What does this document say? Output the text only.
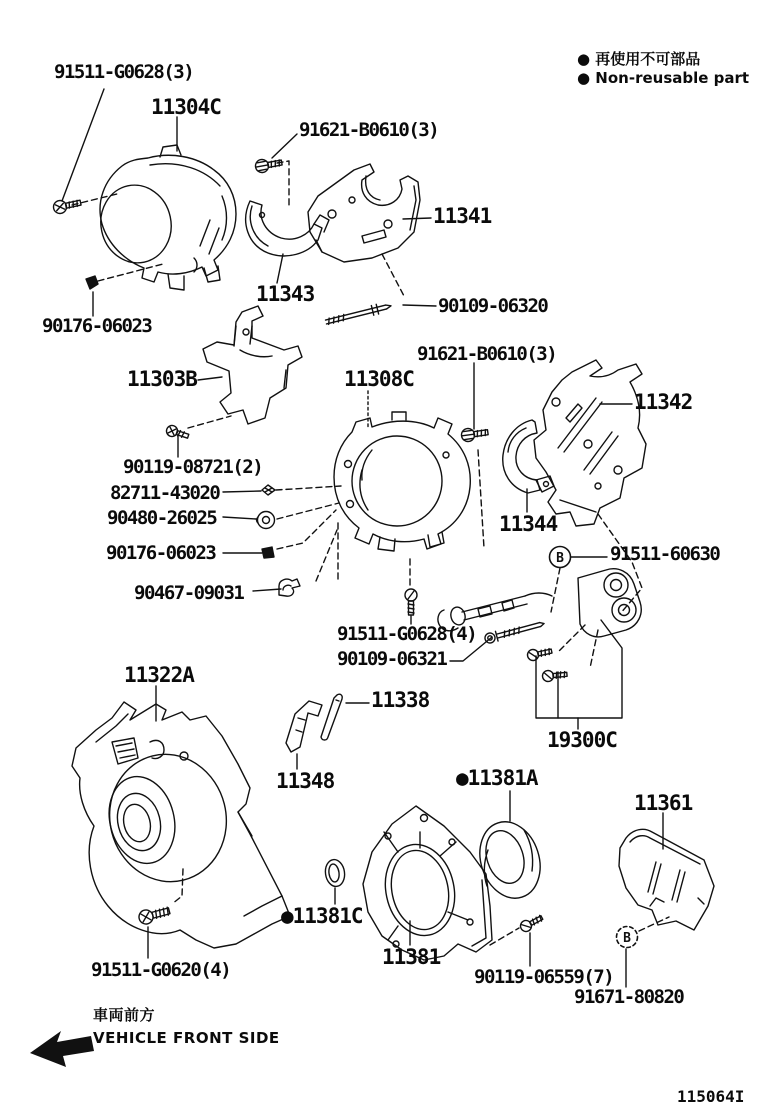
B
B
● 再使用不可部品
● Non-reusable part
91511-G0628(3)
11304C
91621-B0610(3)
11341
11343	90109-06320
90176-06023
11303B
91621-B0610(3)
11308C
11342
90119-08721(2)
82711-43020
90480-26025	11344
90176-06023	91511-60630
90467-09031
91511-G0628(4)
90109-06321
11322A
11338
19300C
11348	●11381A
11361
●11381C
11381
91511-G0620(4)	90119-06559(7)
91671-80820
車両前方
VEHICLE FRONT SIDE
115064I
